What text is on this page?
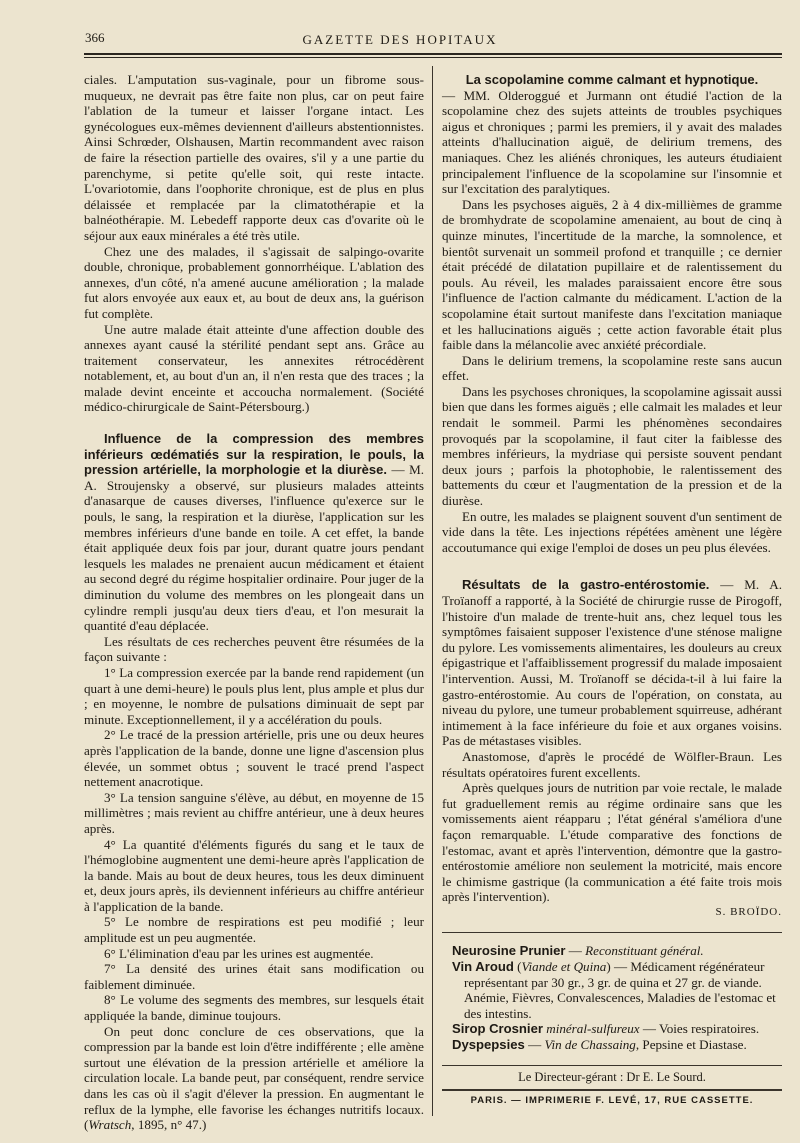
366	GAZETTE DES HOPITAUX

ciales. L'amputation sus-vaginale, pour un fibrome sous-muqueux, ne devrait pas être faite non plus, car on peut faire l'ablation de la tumeur et laisser l'organe intact. Les gynécologues eux-mêmes deviennent d'ailleurs abstentionnistes. Ainsi Schrœder, Olshausen, Martin recommandent avec raison de faire la résection partielle des ovaires, s'il y a une partie du parenchyme, si petite qu'elle soit, qui reste intacte. L'ovariotomie, dans l'oophorite chronique, est de plus en plus délaissée et remplacée par la climatothérapie et la balnéothérapie. M. Lebedeff rapporte deux cas d'ovarite où le séjour aux eaux minérales a été très utile.

Chez une des malades, il s'agissait de salpingo-ovarite double, chronique, probablement gonnorrhéique. L'ablation des annexes, d'un côté, n'a amené aucune amélioration ; la malade fut alors envoyée aux eaux et, au bout de deux ans, la guérison fut complète.

Une autre malade était atteinte d'une affection double des annexes ayant causé la stérilité pendant sept ans. Grâce au traitement conservateur, les annexites rétrocédèrent notablement, et, au bout d'un an, il n'en resta que des traces ; la malade devint enceinte et accoucha normalement. (Société médico-chirurgicale de Saint-Pétersbourg.)

Influence de la compression des membres inférieurs œdématiés sur la respiration, le pouls, la pression artérielle, la morphologie et la diurèse. — M. A. Stroujensky a observé, sur plusieurs malades atteints d'anasarque de causes diverses, l'influence qu'exerce sur le pouls, le sang, la respiration et la diurèse, l'application sur les membres inférieurs d'une bande en toile. A cet effet, la bande était appliquée deux fois par jour, durant quatre jours pendant lesquels les malades ne prenaient aucun médicament et étaient au second degré du régime hospitalier ordinaire. Pour juger de la diminution du volume des membres on les plongeait dans un cylindre rempli jusqu'au deux tiers d'eau, et l'on mesurait la quantité d'eau déplacée.

Les résultats de ces recherches peuvent être résumées de la façon suivante :

1° La compression exercée par la bande rend rapidement (un quart à une demi-heure) le pouls plus lent, plus ample et plus dur ; en moyenne, le nombre de pulsations diminuait de sept par minute. Exceptionnellement, il y a accélération du pouls.

2° Le tracé de la pression artérielle, pris une ou deux heures après l'application de la bande, donne une ligne d'ascension plus élevée, un sommet obtus ; souvent le tracé prend l'aspect nettement anacrotique.

3° La tension sanguine s'élève, au début, en moyenne de 15 millimètres ; mais revient au chiffre antérieur, une à deux heures après.

4° La quantité d'éléments figurés du sang et le taux de l'hémoglobine augmentent une demi-heure après l'application de la bande. Mais au bout de deux heures, tous les deux diminuent et, deux jours après, ils deviennent inférieurs au chiffre antérieur à l'application de la bande.

5° Le nombre de respirations est peu modifié ; leur amplitude est un peu augmentée.

6° L'élimination d'eau par les urines est augmentée.

7° La densité des urines était sans modification ou faiblement diminuée.

8° Le volume des segments des membres, sur lesquels était appliquée la bande, diminue toujours.

On peut donc conclure de ces observations, que la compression par la bande est loin d'être indifférente ; elle amène surtout une élévation de la pression artérielle et améliore la circulation locale. La bande peut, par conséquent, rendre service dans les cas où il s'agit d'élever la pression. En augmentant le reflux de la lymphe, elle favorise les échanges nutritifs locaux. (Wratsch, 1895, n° 47.)

La scopolamine comme calmant et hypnotique.
— MM. Olderoggué et Jurmann ont étudié l'action de la scopolamine chez des sujets atteints de troubles psychiques aigus et chroniques ; parmi les premiers, il y avait des malades atteints d'hallucination aiguë, de delirium tremens, des maniaques. Chez les aliénés chroniques, les auteurs étudiaient principalement l'influence de la scopolamine sur l'insomnie et sur l'excitation des paralytiques.

Dans les psychoses aiguës, 2 à 4 dix-millièmes de gramme de bromhydrate de scopolamine amenaient, au bout de cinq à quinze minutes, l'incertitude de la marche, la somnolence, et bientôt survenait un sommeil profond et tranquille ; ce dernier était précédé de dilatation pupillaire et de ralentissement du pouls. Au réveil, les malades paraissaient encore être sous l'influence de l'action calmante du médicament. L'action de la scopolamine était surtout manifeste dans l'excitation maniaque et les hallucinations aiguës ; cette action favorable était plus faible dans la mélancolie avec anxiété précordiale.

Dans le delirium tremens, la scopolamine reste sans aucun effet.

Dans les psychoses chroniques, la scopolamine agissait aussi bien que dans les formes aiguës ; elle calmait les malades et leur rendait le sommeil. Parmi les phénomènes secondaires provoqués par la scopolamine, il faut citer la faiblesse des membres inférieurs, la mydriase qui persiste souvent pendant deux jours ; parfois la photophobie, le ralentissement des battements du cœur et l'augmentation de la pression et de la diurèse.

En outre, les malades se plaignent souvent d'un sentiment de vide dans la tête. Les injections répétées amènent une légère accoutumance qui exige l'emploi de doses un peu plus élevées.

Résultats de la gastro-entérostomie. — M. A. Troïanoff a rapporté, à la Société de chirurgie russe de Pirogoff, l'histoire d'un malade de trente-huit ans, chez lequel tous les symptômes faisaient supposer l'existence d'une sténose maligne du pylore. Les vomissements alimentaires, les douleurs au creux épigastrique et l'affaiblissement progressif du malade imposaient l'intervention. Aussi, M. Troïanoff se décida-t-il à lui faire la gastro-entérostomie. Au cours de l'opération, on constata, au niveau du pylore, une tumeur probablement squirreuse, adhérant intimement à la face inférieure du foie et aux organes voisins. Pas de métastases visibles.

Anastomose, d'après le procédé de Wölfler-Braun. Les résultats opératoires furent excellents.

Après quelques jours de nutrition par voie rectale, le malade fut graduellement remis au régime ordinaire sans que les vomissements aient réapparu ; l'état général s'améliora d'une façon remarquable. L'étude comparative des fonctions de l'estomac, avant et après l'intervention, démontre que la gastro-entérostomie améliore non seulement la motricité, mais encore le chimisme gastrique (la communication a été faite trois mois après l'intervention).

S. BROÏDO.

Neurosine Prunier — Reconstituant général.

Vin Aroud (Viande et Quina) — Médicament régénérateur représentant par 30 gr., 3 gr. de quina et 27 gr. de viande. Anémie, Fièvres, Convalescences, Maladies de l'estomac et des intestins.

Sirop Crosnier minéral-sulfureux — Voies respiratoires.

Dyspepsies — Vin de Chassaing, Pepsine et Diastase.

Le Directeur-gérant : Dr E. Le Sourd.

PARIS. — IMPRIMERIE F. LEVÉ, 17, RUE CASSETTE.
